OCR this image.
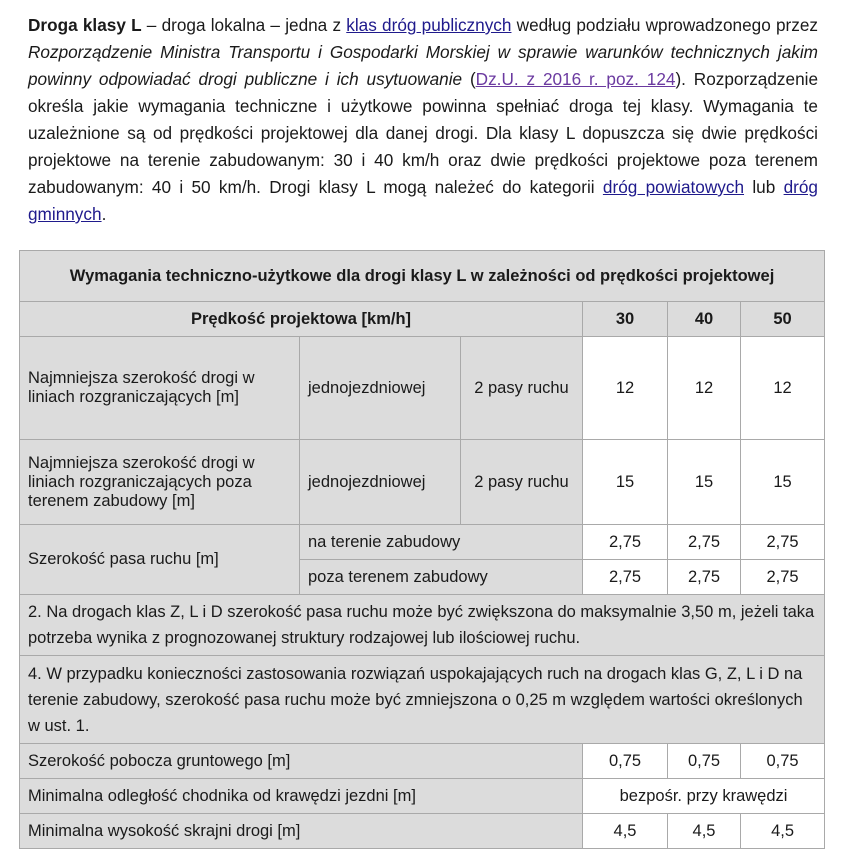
Droga klasy L – droga lokalna – jedna z klas dróg publicznych według podziału wprowadzonego przez Rozporządzenie Ministra Transportu i Gospodarki Morskiej w sprawie warunków technicznych jakim powinny odpowiadać drogi publiczne i ich usytuowanie (Dz.U. z 2016 r. poz. 124). Rozporządzenie określa jakie wymagania techniczne i użytkowe powinna spełniać droga tej klasy. Wymagania te uzależnione są od prędkości projektowej dla danej drogi. Dla klasy L dopuszcza się dwie prędkości projektowe na terenie zabudowanym: 30 i 40 km/h oraz dwie prędkości projektowe poza terenem zabudowanym: 40 i 50 km/h. Drogi klasy L mogą należeć do kategorii dróg powiatowych lub dróg gminnych.
Wymagania techniczno-użytkowe dla drogi klasy L w zależności od prędkości projektowej					
Prędkość projektowa [km/h]			30	40	50
Najmniejsza szerokość drogi w liniach rozgraniczających [m]	jednojezdniowej	2 pasy ruchu	12	12	12
Najmniejsza szerokość drogi w liniach rozgraniczających poza terenem zabudowy [m]	jednojezdniowej	2 pasy ruchu	15	15	15
Szerokość pasa ruchu [m]	na terenie zabudowy		2,75	2,75	2,75
	poza terenem zabudowy		2,75	2,75	2,75
2. Na drogach klas Z, L i D szerokość pasa ruchu może być zwiększona do maksymalnie 3,50 m, jeżeli taka potrzeba wynika z prognozowanej struktury rodzajowej lub ilościowej ruchu.					
4. W przypadku konieczności zastosowania rozwiązań uspokajających ruch na drogach klas G, Z, L i D na terenie zabudowy, szerokość pasa ruchu może być zmniejszona o 0,25 m względem wartości określonych w ust. 1.					
Szerokość pobocza gruntowego [m]			0,75	0,75	0,75
Minimalna odległość chodnika od krawędzi jezdni [m]			bezpośr. przy krawędzi		
Minimalna wysokość skrajni drogi [m]			4,5	4,5	4,5
